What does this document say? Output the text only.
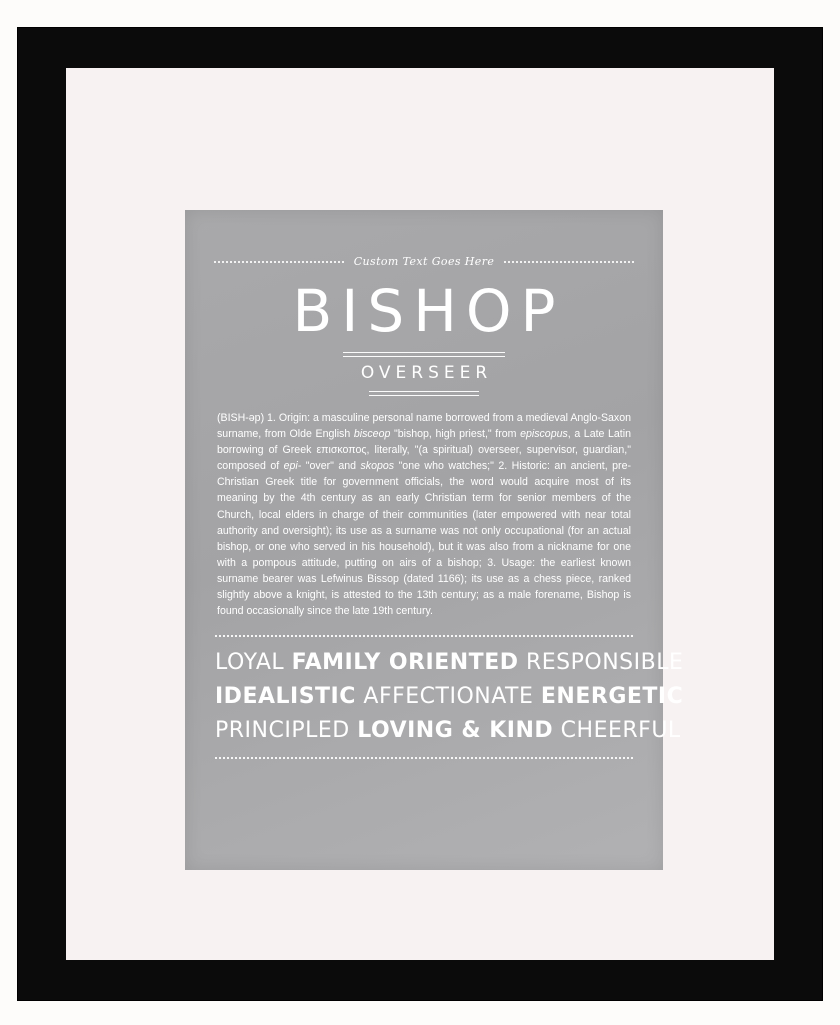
Custom Text Goes Here
BISHOP
OVERSEER
(BISH-əp) 1. Origin: a masculine personal name borrowed from a medieval Anglo-Saxon surname, from Olde English bisceop "bishop, high priest," from episcopus, a Late Latin borrowing of Greek επισκοπος, literally, "(a spiritual) overseer, supervisor, guardian," composed of epi- "over" and skopos "one who watches;" 2. Historic: an ancient, pre-Christian Greek title for government officials, the word would acquire most of its meaning by the 4th century as an early Christian term for senior members of the Church, local elders in charge of their communities (later empowered with near total authority and oversight); its use as a surname was not only occupational (for an actual bishop, or one who served in his household), but it was also from a nickname for one with a pompous attitude, putting on airs of a bishop; 3. Usage: the earliest known surname bearer was Lefwinus Bissop (dated 1166); its use as a chess piece, ranked slightly above a knight, is attested to the 13th century; as a male forename, Bishop is found occasionally since the late 19th century.
LOYAL FAMILY ORIENTED RESPONSIBLE
IDEALISTIC AFFECTIONATE ENERGETIC
PRINCIPLED LOVING & KIND CHEERFUL
